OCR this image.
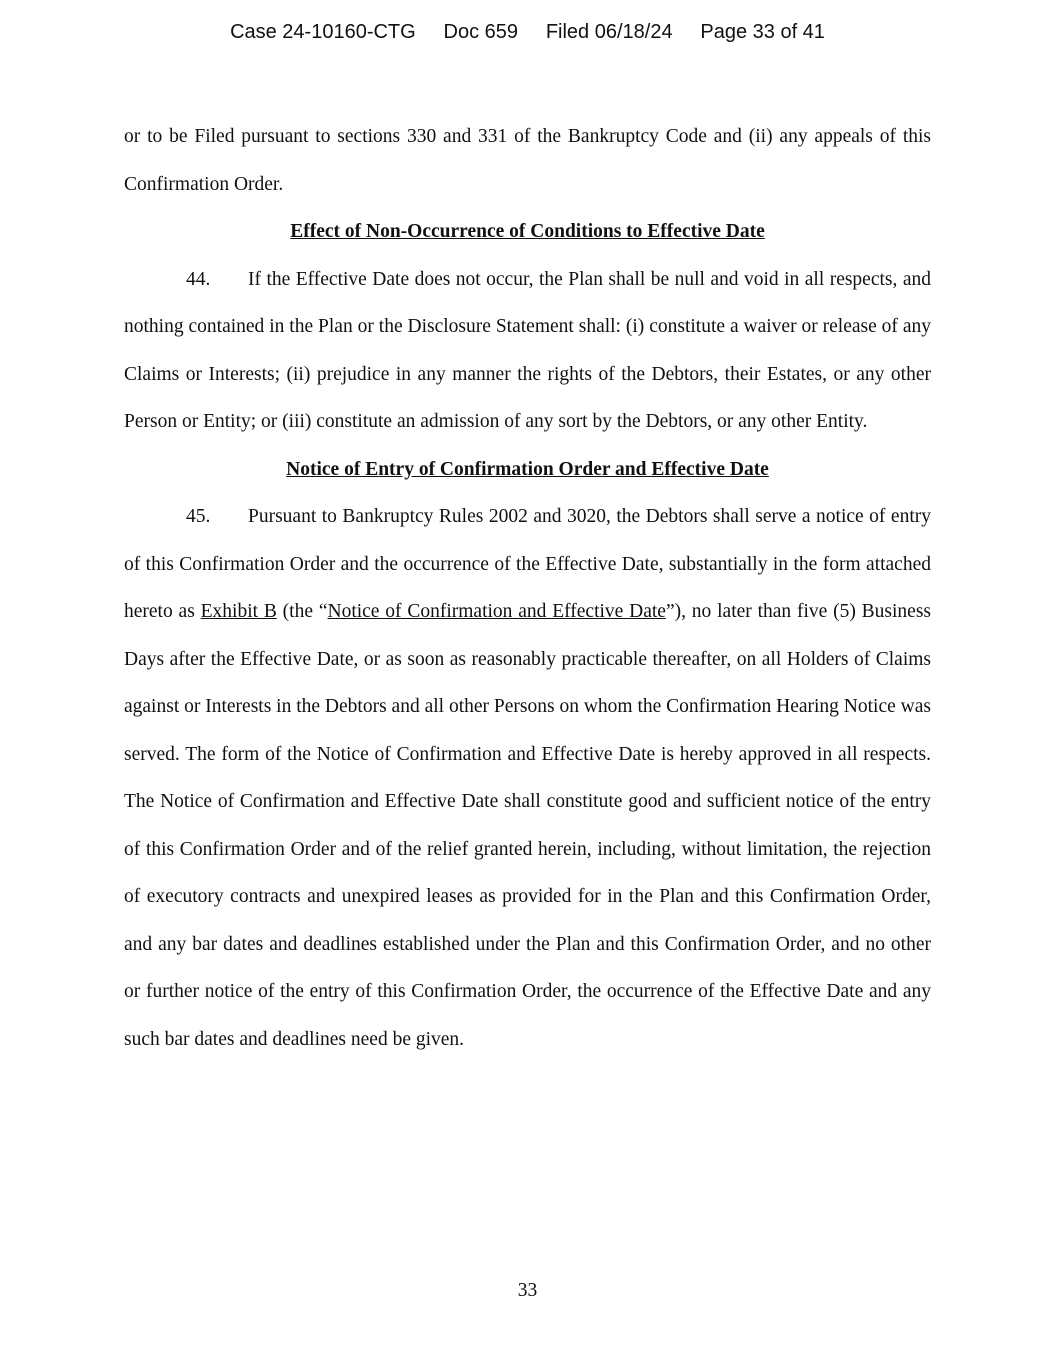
Case 24-10160-CTG Doc 659 Filed 06/18/24 Page 33 of 41

or to be Filed pursuant to sections 330 and 331 of the Bankruptcy Code and (ii) any appeals of this Confirmation Order.

Effect of Non-Occurrence of Conditions to Effective Date

44. If the Effective Date does not occur, the Plan shall be null and void in all respects, and nothing contained in the Plan or the Disclosure Statement shall: (i) constitute a waiver or release of any Claims or Interests; (ii) prejudice in any manner the rights of the Debtors, their Estates, or any other Person or Entity; or (iii) constitute an admission of any sort by the Debtors, or any other Entity.

Notice of Entry of Confirmation Order and Effective Date

45. Pursuant to Bankruptcy Rules 2002 and 3020, the Debtors shall serve a notice of entry of this Confirmation Order and the occurrence of the Effective Date, substantially in the form attached hereto as Exhibit B (the “Notice of Confirmation and Effective Date”), no later than five (5) Business Days after the Effective Date, or as soon as reasonably practicable thereafter, on all Holders of Claims against or Interests in the Debtors and all other Persons on whom the Confirmation Hearing Notice was served. The form of the Notice of Confirmation and Effective Date is hereby approved in all respects. The Notice of Confirmation and Effective Date shall constitute good and sufficient notice of the entry of this Confirmation Order and of the relief granted herein, including, without limitation, the rejection of executory contracts and unexpired leases as provided for in the Plan and this Confirmation Order, and any bar dates and deadlines established under the Plan and this Confirmation Order, and no other or further notice of the entry of this Confirmation Order, the occurrence of the Effective Date and any such bar dates and deadlines need be given.

33
